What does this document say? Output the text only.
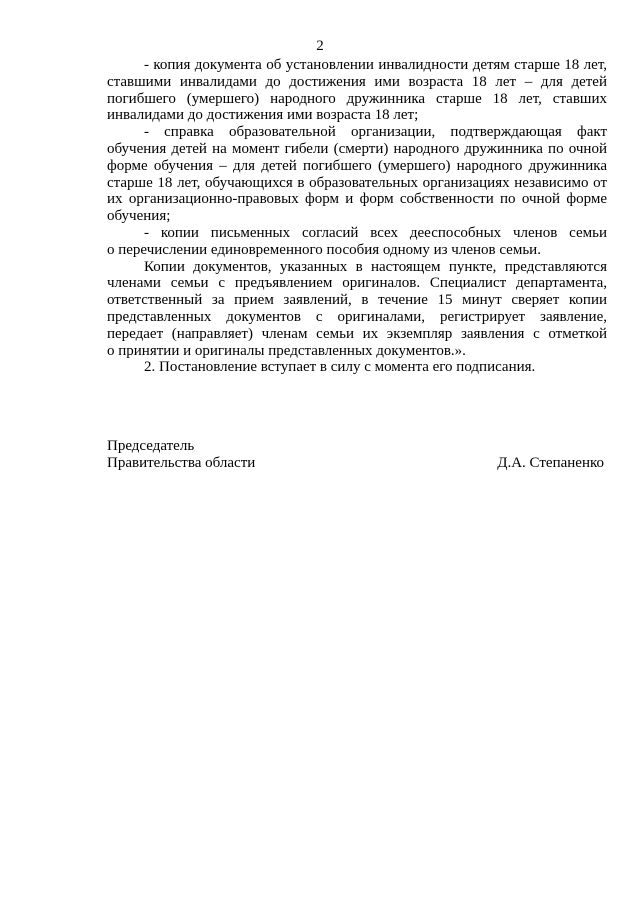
2
- копия документа об установлении инвалидности детям старше 18 лет,
ставшими инвалидами до достижения ими возраста 18 лет – для детей
погибшего (умершего) народного дружинника старше 18 лет, ставших
инвалидами до достижения ими возраста 18 лет;
- справка образовательной организации, подтверждающая факт
обучения детей на момент гибели (смерти) народного дружинника по очной
форме обучения – для детей погибшего (умершего) народного дружинника
старше 18 лет, обучающихся в образовательных организациях независимо от
их организационно-правовых форм и форм собственности по очной форме
обучения;
- копии письменных согласий всех дееспособных членов семьи
о перечислении единовременного пособия одному из членов семьи.
Копии документов, указанных в настоящем пункте, представляются
членами семьи с предъявлением оригиналов. Специалист департамента,
ответственный за прием заявлений, в течение 15 минут сверяет копии
представленных документов с оригиналами, регистрирует заявление,
передает (направляет) членам семьи их экземпляр заявления с отметкой
о принятии и оригиналы представленных документов.».
2. Постановление вступает в силу с момента его подписания.
Председатель
Правительства области	Д.А. Степаненко
